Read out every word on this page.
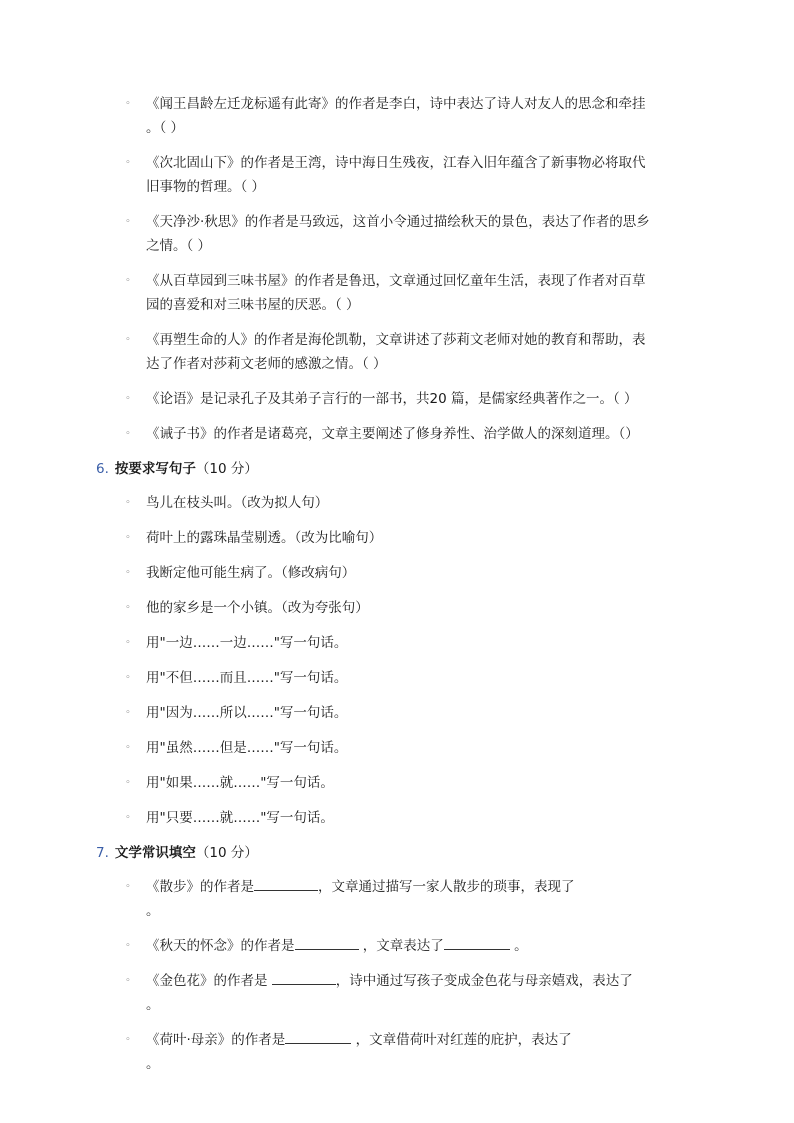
◦ 《闻王昌龄左迁龙标遥有此寄》的作者是李白，诗中表达了诗人对友人的思念和牵挂
。（ ）
◦ 《次北固山下》的作者是王湾，诗中海日生残夜，江春入旧年蕴含了新事物必将取代
旧事物的哲理。（ ）
◦ 《天净沙·秋思》的作者是马致远，这首小令通过描绘秋天的景色，表达了作者的思乡
之情。（ ）
◦ 《从百草园到三味书屋》的作者是鲁迅，文章通过回忆童年生活，表现了作者对百草
园的喜爱和对三味书屋的厌恶。（ ）
◦ 《再塑生命的人》的作者是海伦凯勒，文章讲述了莎莉文老师对她的教育和帮助，表
达了作者对莎莉文老师的感激之情。（ ）
◦ 《论语》是记录孔子及其弟子言行的一部书，共20 篇，是儒家经典著作之一。（ ）
◦ 《诫子书》的作者是诸葛亮，文章主要阐述了修身养性、治学做人的深刻道理。（）
6. 按要求写句子（10 分）
◦ 鸟儿在枝头叫。（改为拟人句）
◦ 荷叶上的露珠晶莹剔透。（改为比喻句）
◦ 我断定他可能生病了。（修改病句）
◦ 他的家乡是一个小镇。（改为夸张句）
◦ 用"一边……一边……"写一句话。
◦ 用"不但……而且……"写一句话。
◦ 用"因为……所以……"写一句话。
◦ 用"虽然……但是……"写一句话。
◦ 用"如果……就……"写一句话。
◦ 用"只要……就……"写一句话。
7. 文学常识填空（10 分）
◦ 《散步》的作者是	，文章通过描写一家人散步的琐事，表现了
。
◦ 《秋天的怀念》的作者是	，文章表达了	。
◦ 《金色花》的作者是	，诗中通过写孩子变成金色花与母亲嬉戏，表达了
。
◦ 《荷叶·母亲》的作者是	，文章借荷叶对红莲的庇护，表达了
。
